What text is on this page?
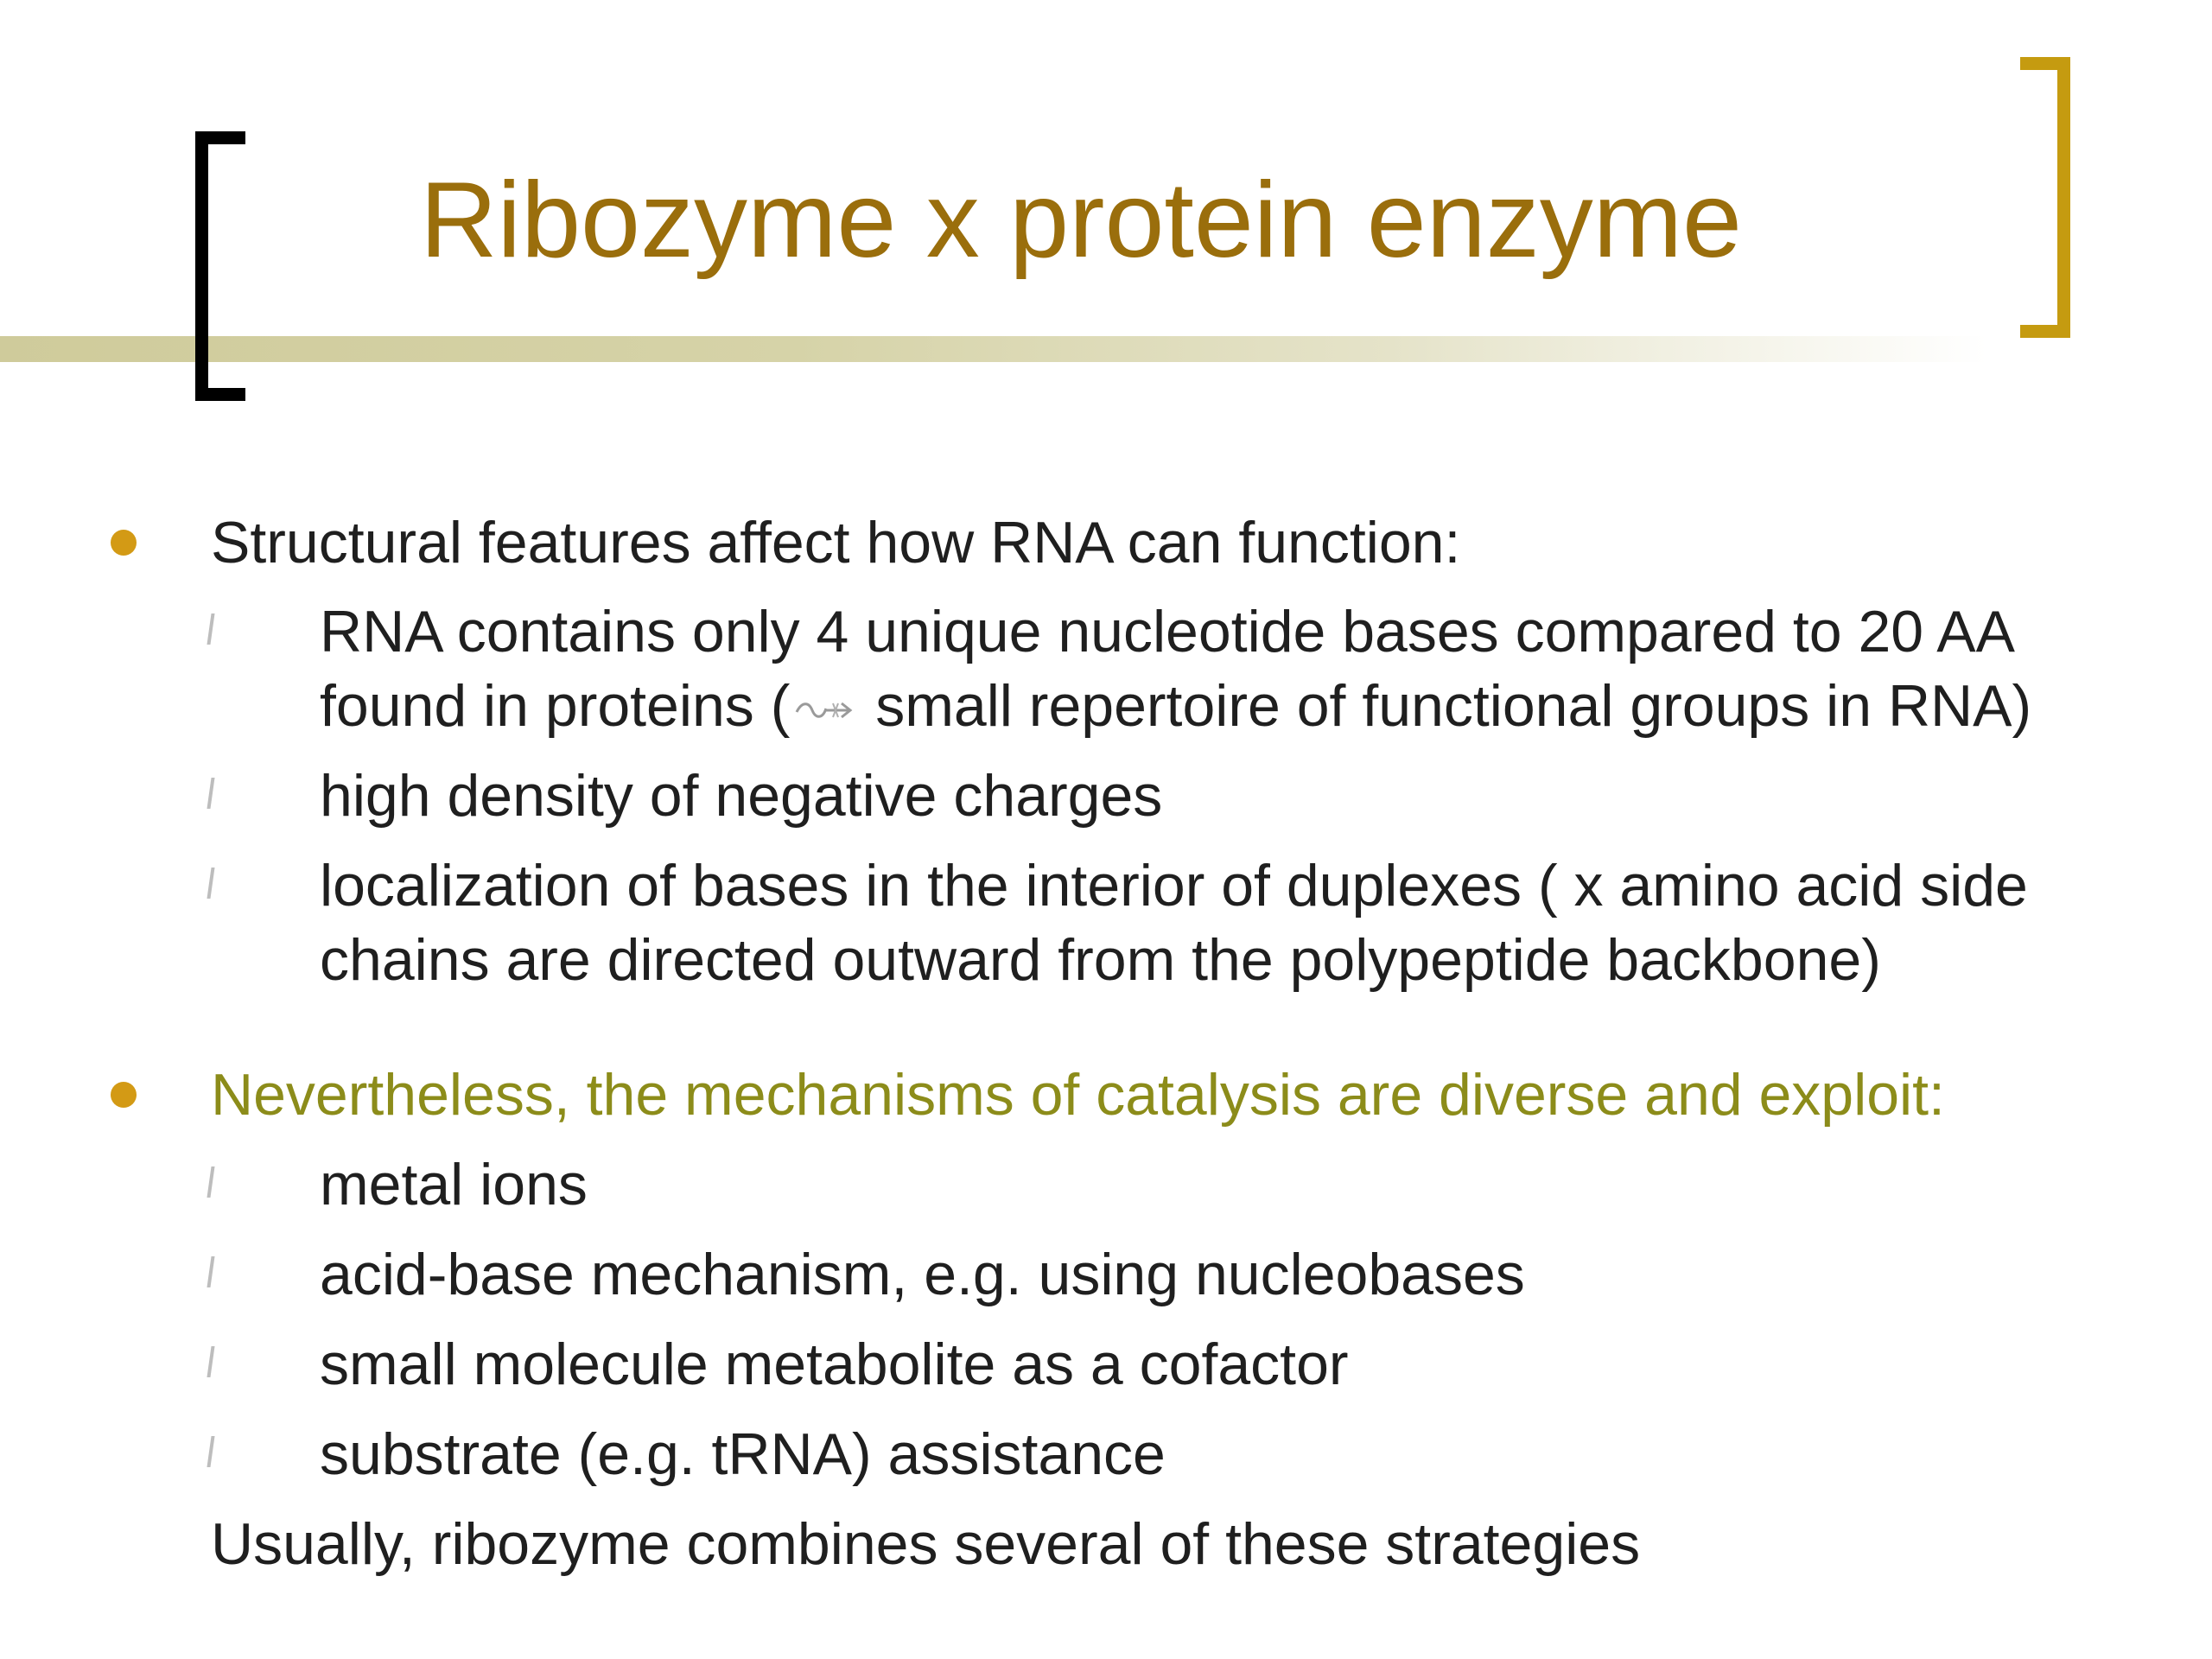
Ribozyme x protein enzyme
Structural features affect how RNA can function:
RNA contains only 4 unique nucleotide bases compared to 20 AA
found in proteins ( small repertoire of functional groups in RNA)
high density of negative charges
localization of bases in the interior of duplexes ( x amino acid side
chains are directed outward from the polypeptide backbone)
Nevertheless, the mechanisms of catalysis are diverse and exploit:
metal ions
acid-base mechanism, e.g. using nucleobases
small molecule metabolite as a cofactor
substrate (e.g. tRNA) assistance
Usually, ribozyme combines several of these strategies
